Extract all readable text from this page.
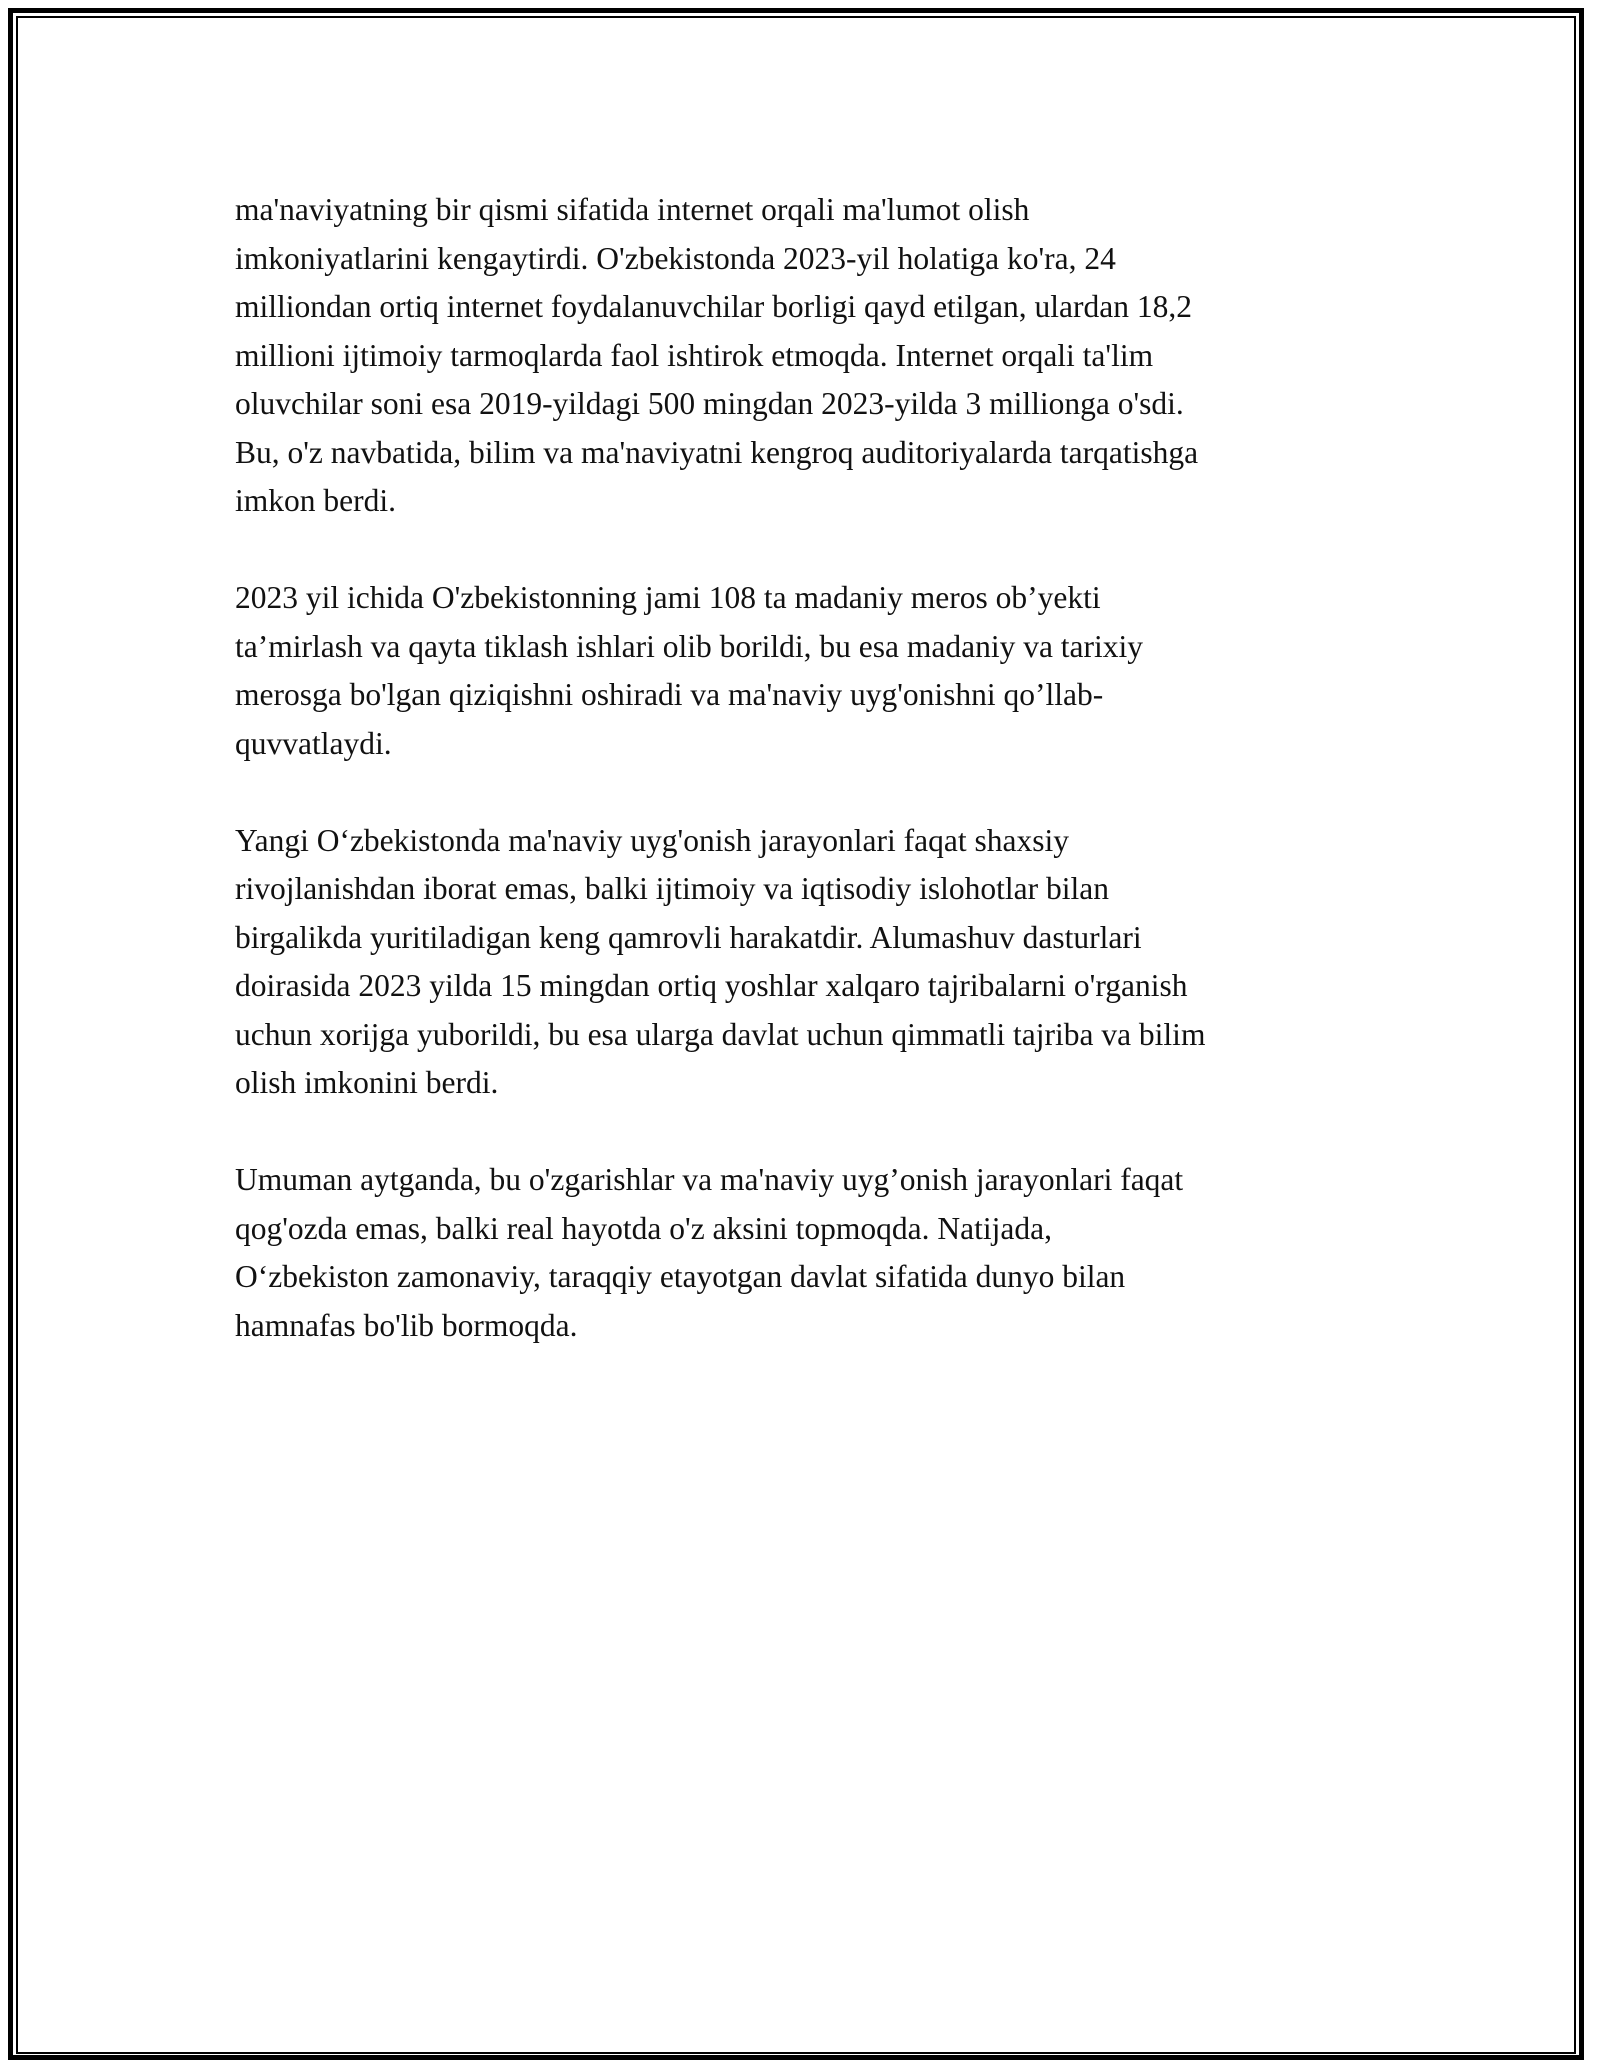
ma'naviyatning bir qismi sifatida internet orqali ma'lumot olish
imkoniyatlarini kengaytirdi. O'zbekistonda 2023-yil holatiga ko'ra, 24
milliondan ortiq internet foydalanuvchilar borligi qayd etilgan, ulardan 18,2
millioni ijtimoiy tarmoqlarda faol ishtirok etmoqda. Internet orqali ta'lim
oluvchilar soni esa 2019-yildagi 500 mingdan 2023-yilda 3 millionga o'sdi.
Bu, o'z navbatida, bilim va ma'naviyatni kengroq auditoriyalarda tarqatishga
imkon berdi.

2023 yil ichida O'zbekistonning jami 108 ta madaniy meros ob’yekti
ta’mirlash va qayta tiklash ishlari olib borildi, bu esa madaniy va tarixiy
merosga bo'lgan qiziqishni oshiradi va ma'naviy uyg'onishni qo’llab-
quvvatlaydi.

Yangi O‘zbekistonda ma'naviy uyg'onish jarayonlari faqat shaxsiy
rivojlanishdan iborat emas, balki ijtimoiy va iqtisodiy islohotlar bilan
birgalikda yuritiladigan keng qamrovli harakatdir. Alumashuv dasturlari
doirasida 2023 yilda 15 mingdan ortiq yoshlar xalqaro tajribalarni o'rganish
uchun xorijga yuborildi, bu esa ularga davlat uchun qimmatli tajriba va bilim
olish imkonini berdi.

Umuman aytganda, bu o'zgarishlar va ma'naviy uyg’onish jarayonlari faqat
qog'ozda emas, balki real hayotda o'z aksini topmoqda. Natijada,
O‘zbekiston zamonaviy, taraqqiy etayotgan davlat sifatida dunyo bilan
hamnafas bo'lib bormoqda.
